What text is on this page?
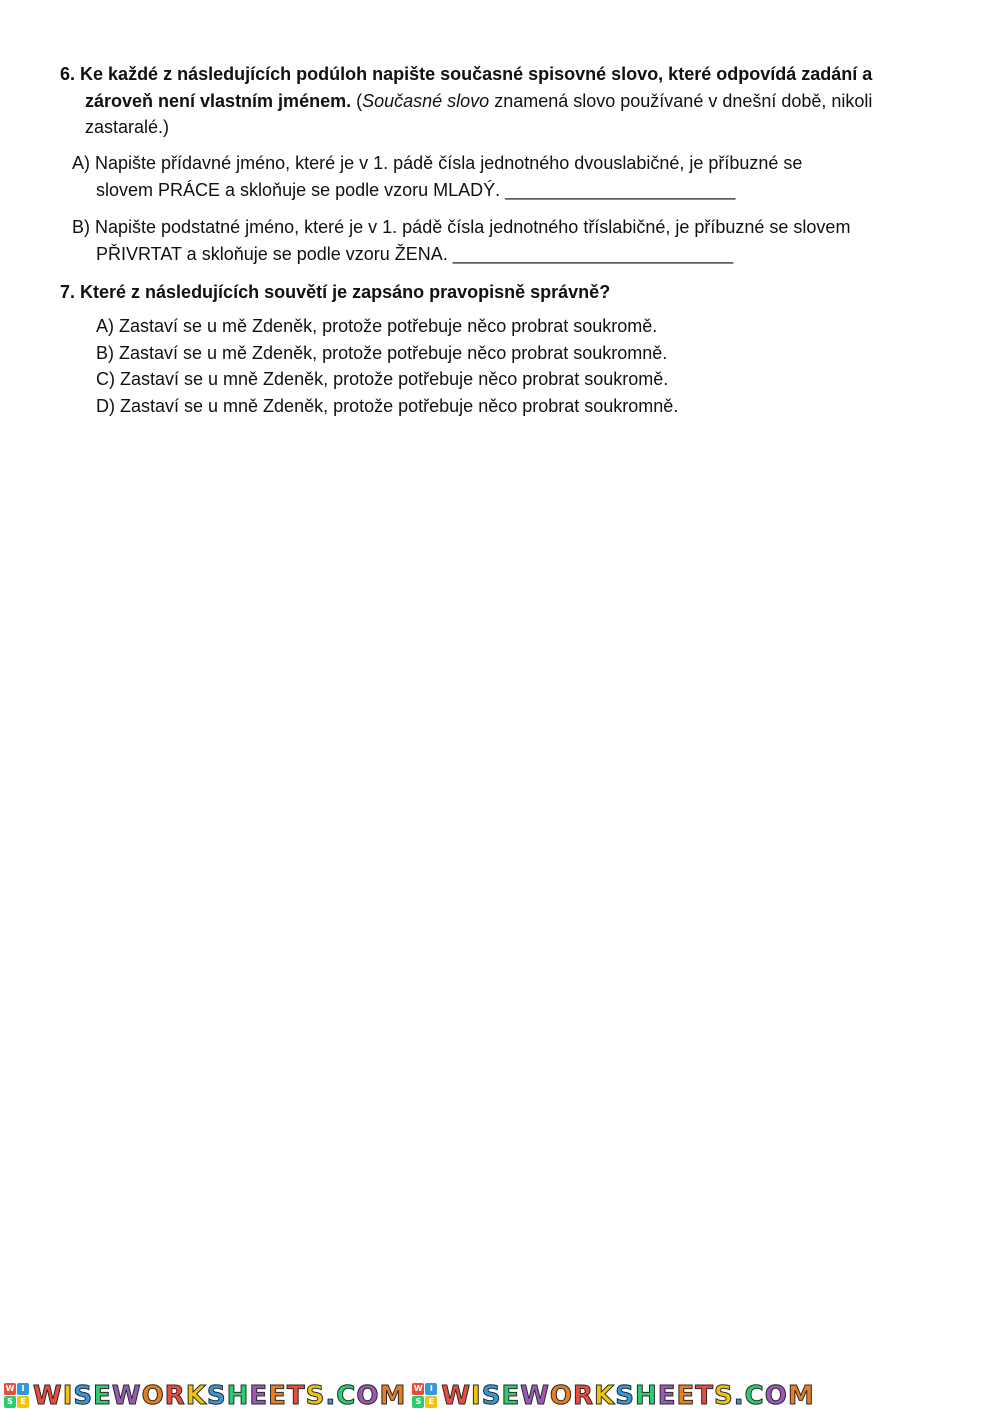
6. Ke každé z následujících podúloh napište současné spisovné slovo, které odpovídá zadání a
zároveň není vlastním jménem. (Současné slovo znamená slovo používané v dnešní době, nikoli
zastaralé.)
A) Napište přídavné jméno, které je v 1. pádě čísla jednotného dvouslabičné, je příbuzné se
slovem PRÁCE a skloňuje se podle vzoru MLADÝ. _______________________
B) Napište podstatné jméno, které je v 1. pádě čísla jednotného tříslabičné, je příbuzné se slovem
PŘIVRTAT a skloňuje se podle vzoru ŽENA. ____________________________
7. Které z následujících souvětí je zapsáno pravopisně správně?
A) Zastaví se u mě Zdeněk, protože potřebuje něco probrat soukromě.
B) Zastaví se u mě Zdeněk, protože potřebuje něco probrat soukromně.
C) Zastaví se u mně Zdeněk, protože potřebuje něco probrat soukromě.
D) Zastaví se u mně Zdeněk, protože potřebuje něco probrat soukromně.
W I
S E WISEWORKSHEETS.COM W I
S E WISEWORKSHEETS.COM
